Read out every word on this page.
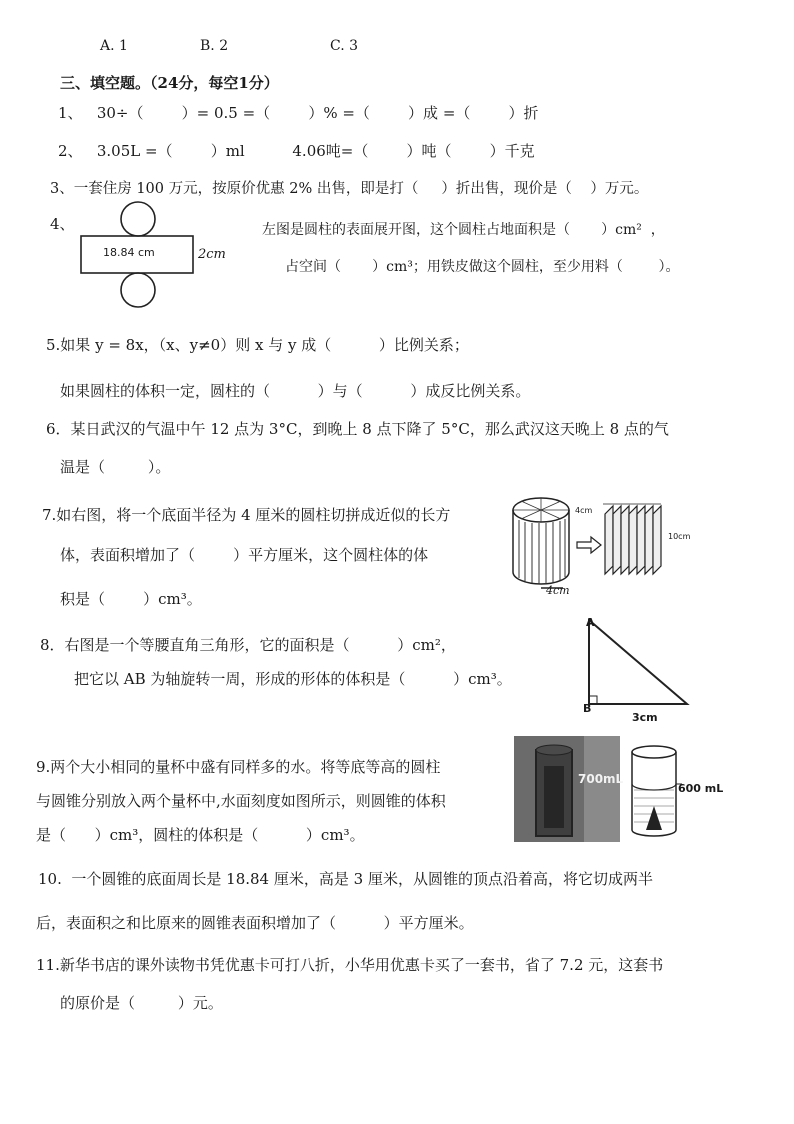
A. 1	B. 2	C. 3
三、填空题。（24分，每空1分）
1、   30÷（        ）= 0.5 =（        ）% =（        ）成 =（        ）折
2、   3.05L =（        ）ml          4.06吨=（        ）吨（        ）千克
3、一套住房 100 万元，按原价优惠 2% 出售，即是打（     ）折出售，现价是（    ）万元。
4、
18.84 cm	2cm
左图是圆柱的表面展开图，这个圆柱占地面积是（       ）cm²  ，
占空间（       ）cm³；用铁皮做这个圆柱，至少用料（        ）。
5.如果 y = 8x，（x、y≠0）则 x 与 y 成（          ）比例关系；
如果圆柱的体积一定，圆柱的（          ）与（          ）成反比例关系。
6．某日武汉的气温中午 12 点为 3°C，到晚上 8 点下降了 5°C，那么武汉这天晚上 8 点的气
温是（         ）。
7.如右图，将一个底面半径为 4 厘米的圆柱切拼成近似的长方
体，表面积增加了（        ）平方厘米，这个圆柱体的体
积是（        ）cm³。
4cm
10cm
4cm
8．右图是一个等腰直角三角形，它的面积是（          ）cm²，
把它以 AB 为轴旋转一周，形成的形体的体积是（          ）cm³。
A
B
3cm
9.两个大小相同的量杯中盛有同样多的水。将等底等高的圆柱
与圆锥分别放入两个量杯中,水面刻度如图所示，则圆锥的体积
是（      ）cm³，圆柱的体积是（          ）cm³。
700mL
600 mL
10.  一个圆锥的底面周长是 18.84 厘米，高是 3 厘米，从圆锥的顶点沿着高，将它切成两半
后，表面积之和比原来的圆锥表面积增加了（          ）平方厘米。
11.新华书店的课外读物书凭优惠卡可打八折，小华用优惠卡买了一套书，省了 7.2 元，这套书
的原价是（         ）元。
